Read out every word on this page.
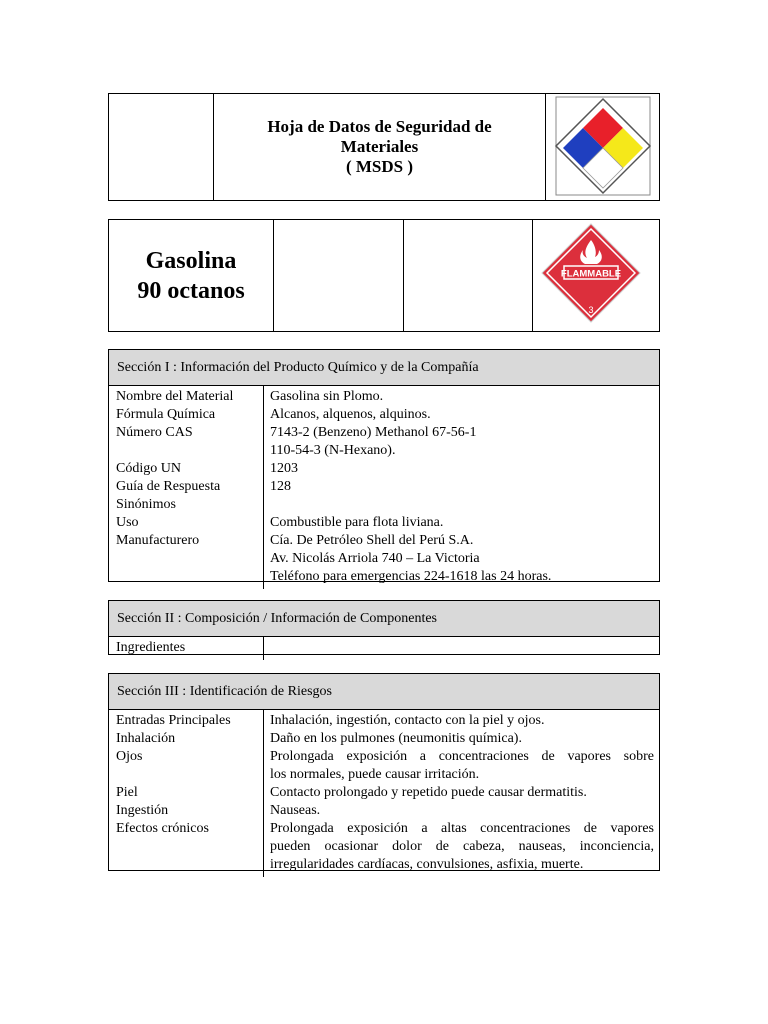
Hoja de Datos de Seguridad de
Materiales
( MSDS )
Gasolina
90 octanos
FLAMMABLE
3
Sección I : Información del Producto Químico y de la Compañía
Nombre del Material
Fórmula Química
Número CAS
Código UN
Guía de Respuesta
Sinónimos
Uso
Manufacturero
Gasolina sin Plomo.
Alcanos, alquenos, alquinos.
7143-2 (Benzeno) Methanol 67-56-1
110-54-3 (N-Hexano).
1203
128
Combustible para flota liviana.
Cía. De Petróleo Shell del Perú S.A.
Av. Nicolás Arriola 740 – La Victoria
Teléfono para emergencias 224-1618 las 24 horas.
Sección II : Composición / Información de Componentes
Ingredientes
Sección III : Identificación de Riesgos
Entradas Principales
Inhalación
Ojos
Piel
Ingestión
Efectos crónicos
Inhalación, ingestión, contacto con la piel y ojos.
Daño en los pulmones (neumonitis química).
Prolongada exposición a concentraciones de vapores sobre
los normales, puede causar irritación.
Contacto prolongado y repetido puede causar dermatitis.
Nauseas.
Prolongada exposición a altas concentraciones de vapores
pueden ocasionar dolor de cabeza, nauseas, inconciencia,
irregularidades cardíacas, convulsiones, asfixia, muerte.
